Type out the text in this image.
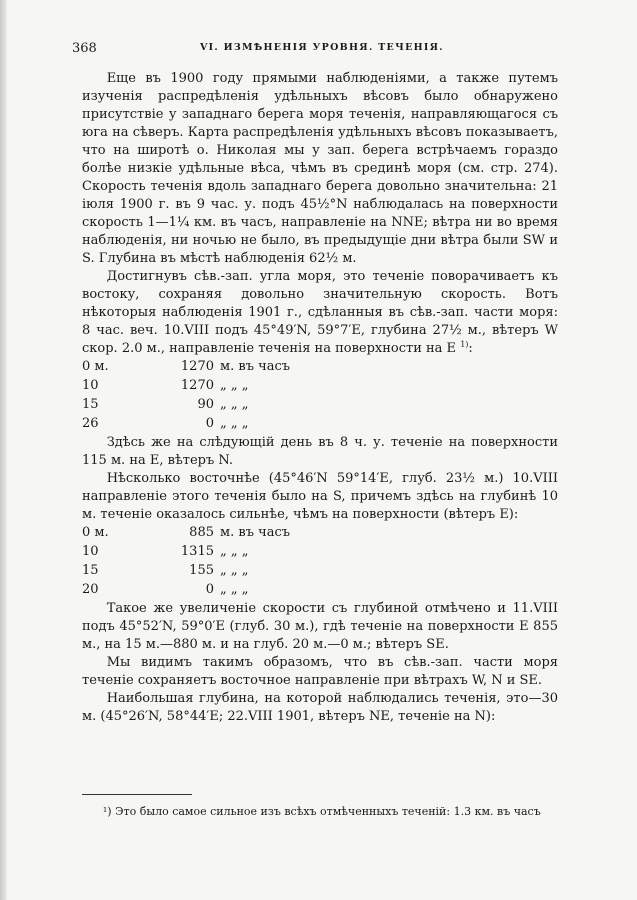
368	VI. ИЗМѢНЕНІЯ УРОВНЯ. ТЕЧЕНІЯ.

Еще въ 1900 году прямыми наблюденіями, а также путемъ изученія распредѣленія удѣльныхъ вѣсовъ было обнаружено присутствіе у западнаго берега моря теченія, направляющагося съ юга на сѣверъ. Карта распредѣленія удѣльныхъ вѣсовъ показываетъ, что на широтѣ о. Николая мы у зап. берега встрѣчаемъ гораздо болѣе низкіе удѣльные вѣса, чѣмъ въ срединѣ моря (см. стр. 274). Скорость теченія вдоль западнаго берега довольно значительна: 21 іюля 1900 г. въ 9 час. у. подъ 45½°N наблюдалась на поверхности скорость 1—1¼ км. въ часъ, направленіе на NNE; вѣтра ни во время наблюденія, ни ночью не было, въ предыдущіе дни вѣтра были SW и S. Глубина въ мѣстѣ наблюденія 62½ м.

Достигнувъ сѣв.-зап. угла моря, это теченіе поворачиваетъ къ востоку, сохраняя довольно значительную скорость. Вотъ нѣкоторыя наблюденія 1901 г., сдѣланныя въ сѣв.-зап. части моря: 8 час. веч. 10.VIII подъ 45°49′N, 59°7′E, глубина 27½ м., вѣтеръ W скор. 2.0 м., направленіе теченія на поверхности на E $^{1)}$:

0 м.	1270	м. въ часъ
10	1270	„ „ „
15	90	„ „ „
26	0	„ „ „

Здѣсь же на слѣдующій день въ 8 ч. у. теченіе на поверхности 115 м. на E, вѣтеръ N.

Нѣсколько восточнѣе (45°46′N 59°14′E, глуб. 23½ м.) 10.VIII направленіе этого теченія было на S, причемъ здѣсь на глубинѣ 10 м. теченіе оказалось сильнѣе, чѣмъ на поверхности (вѣтеръ E):

0 м.	885	м. въ часъ
10	1315	„ „ „
15	155	„ „ „
20	0	„ „ „

Такое же увеличеніе скорости съ глубиной отмѣчено и 11.VIII подъ 45°52′N, 59°0′E (глуб. 30 м.), гдѣ теченіе на поверхности E 855 м., на 15 м.—880 м. и на глуб. 20 м.—0 м.; вѣтеръ SE.

Мы видимъ такимъ образомъ, что въ сѣв.-зап. части моря теченіе сохраняетъ восточное направленіе при вѣтрахъ W, N и SE.

Наибольшая глубина, на которой наблюдались теченія, это—30 м. (45°26′N, 58°44′E; 22.VIII 1901, вѣтеръ NE, теченіе на N):

¹) Это было самое сильное изъ всѣхъ отмѣченныхъ теченій: 1.3 км. въ часъ
